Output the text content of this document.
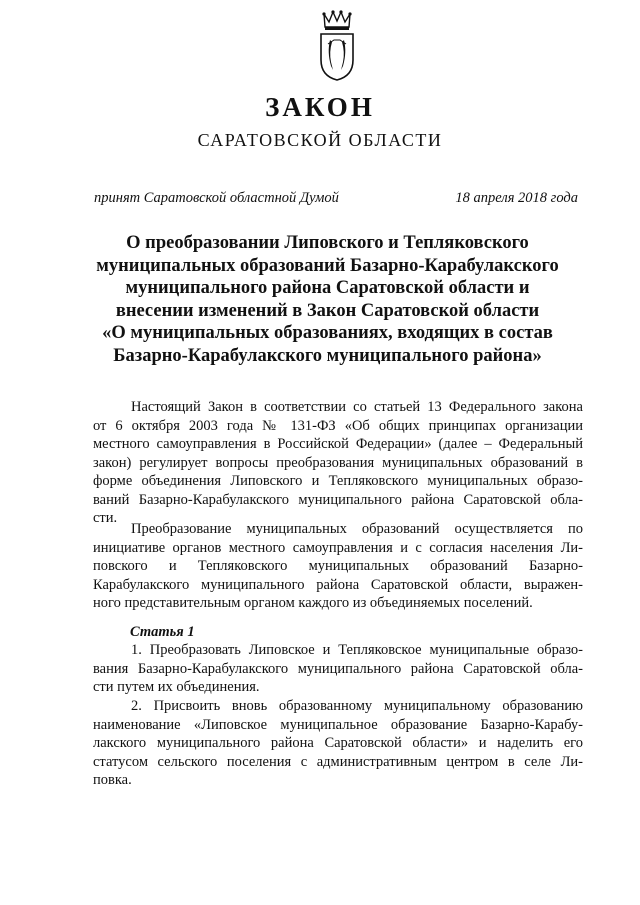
ЗАКОН
САРАТОВСКОЙ ОБЛАСТИ
принят Саратовской областной Думой	18 апреля 2018 года
О преобразовании Липовского и Тепляковского
муниципальных образований Базарно-Карабулакского
муниципального района Саратовской области и
внесении изменений в Закон Саратовской области
«О муниципальных образованиях, входящих в состав
Базарно-Карабулакского муниципального района»
Настоящий Закон в соответствии со статьей 13 Федерального закона
от 6 октября 2003 года № 131-ФЗ «Об общих принципах организации
местного самоуправления в Российской Федерации» (далее – Федеральный
закон) регулирует вопросы преобразования муниципальных образований в
форме объединения Липовского и Тепляковского муниципальных образо-
ваний Базарно-Карабулакского муниципального района Саратовской обла-
сти.
Преобразование муниципальных образований осуществляется по
инициативе органов местного самоуправления и с согласия населения Ли-
повского и Тепляковского муниципальных образований Базарно-
Карабулакского муниципального района Саратовской области, выражен-
ного представительным органом каждого из объединяемых поселений.
Статья 1
1. Преобразовать Липовское и Тепляковское муниципальные образо-
вания Базарно-Карабулакского муниципального района Саратовской обла-
сти путем их объединения.
2. Присвоить вновь образованному муниципальному образованию
наименование «Липовское муниципальное образование Базарно-Карабу-
лакского муниципального района Саратовской области» и наделить его
статусом сельского поселения с административным центром в селе Ли-
повка.
